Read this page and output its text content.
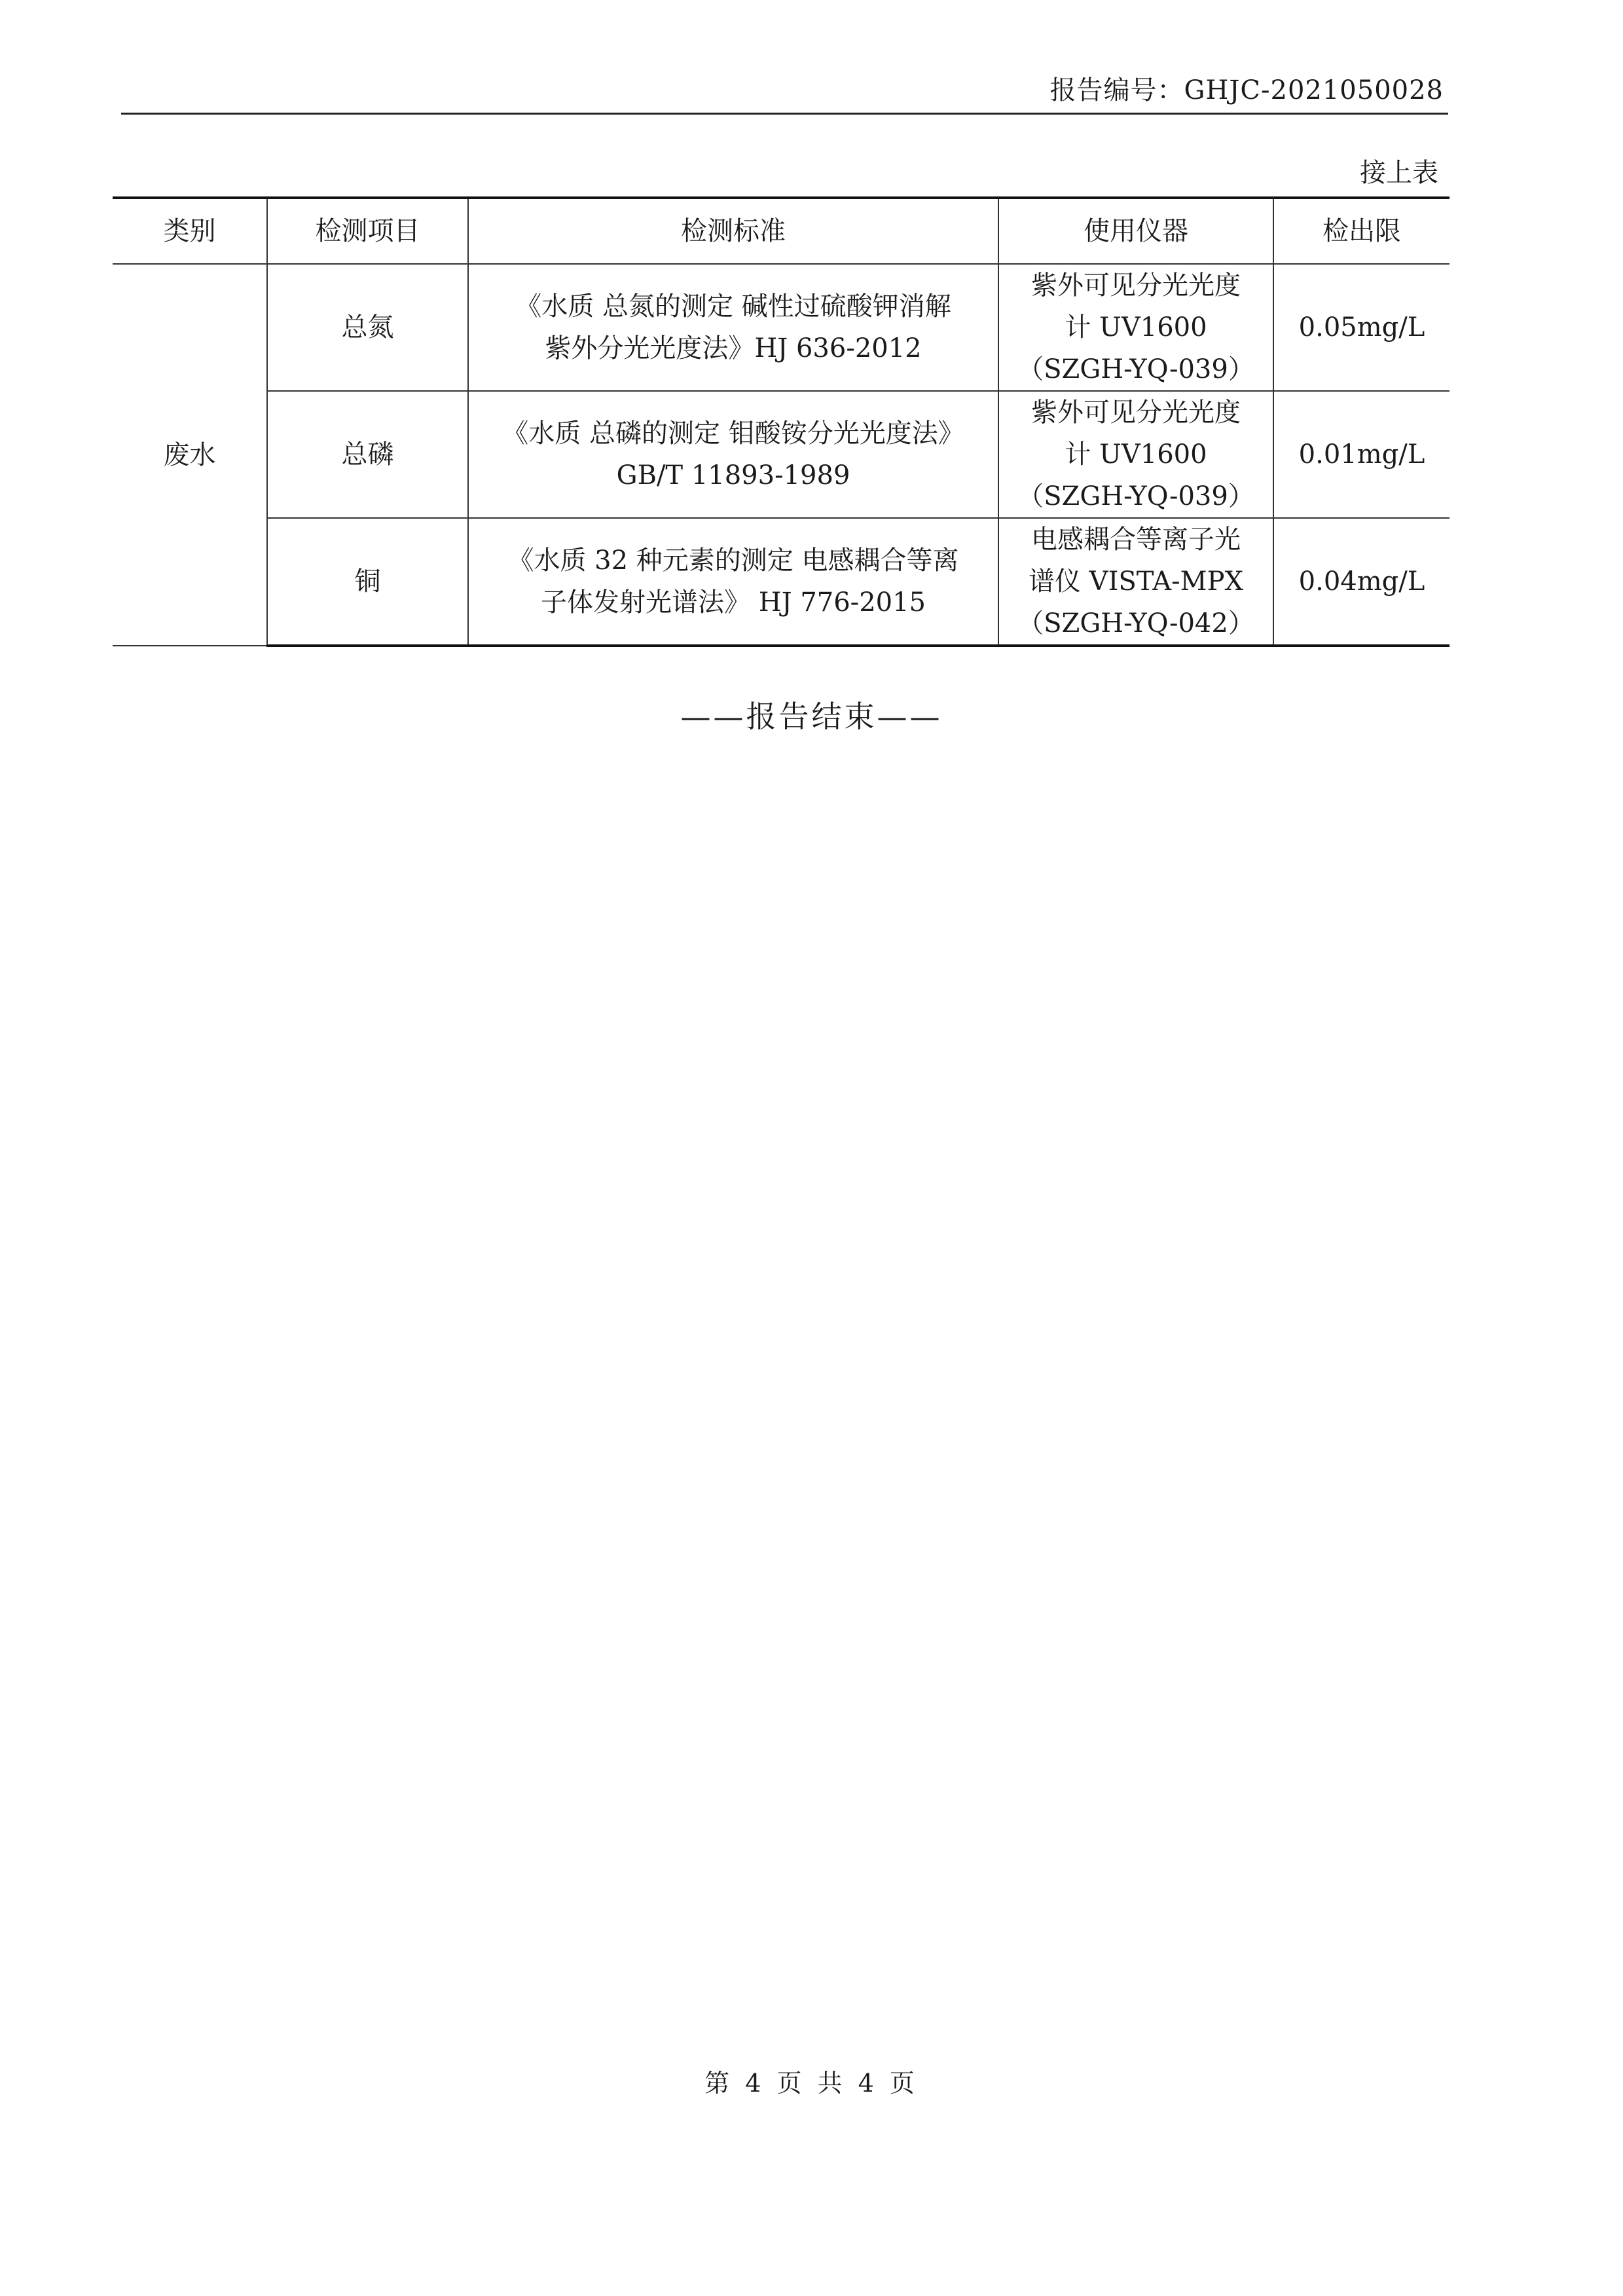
报告编号：GHJC-2021050028
接上表
类别	检测项目	检测标准	使用仪器	检出限
废水	总氮	《水质 总氮的测定 碱性过硫酸钾消解
紫外分光光度法》HJ 636-2012	紫外可见分光光度
计 UV1600
（SZGH-YQ-039）	0.05mg/L
	总磷	《水质 总磷的测定 钼酸铵分光光度法》
GB/T 11893-1989	紫外可见分光光度
计 UV1600
（SZGH-YQ-039）	0.01mg/L
	铜	《水质 32 种元素的测定 电感耦合等离
子体发射光谱法》 HJ 776-2015	电感耦合等离子光
谱仪 VISTA-MPX
（SZGH-YQ-042）	0.04mg/L
——报告结束——
第 4 页 共 4 页
